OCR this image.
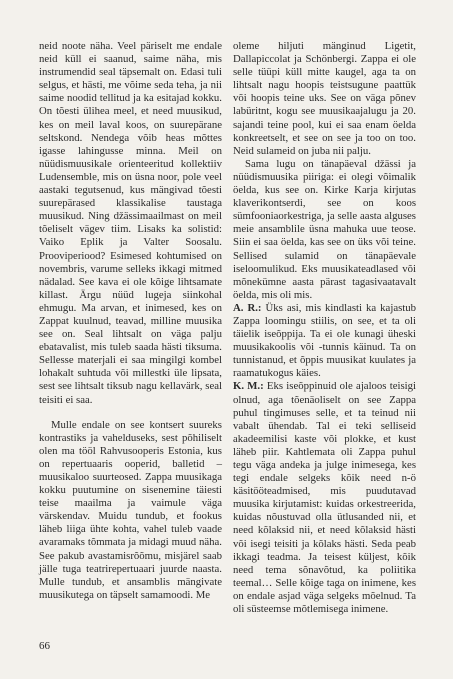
neid noote näha. Veel päriselt me endale neid küll ei saanud, saime näha, mis instrumendid seal täpsemalt on. Edasi tuli selgus, et hästi, me võime seda teha, ja nii saime noodid tellitud ja ka esitajad kokku. On tõesti ülihea meel, et need muusikud, kes on meil laval koos, on suurepärane seltskond. Nendega võib heas mõttes igasse lahingusse minna. Meil on nüüdismuusikale orienteeritud kollektiiv Ludensemble, mis on üsna noor, pole veel aastaki tegutsenud, kus mängivad tõesti suurepärased klassikalise taustaga muusikud. Ning džässimaailmast on meil tõeliselt vägev tiim. Lisaks ka solistid: Vaiko Eplik ja Valter Soosalu. Prooviperiood? Esimesed kohtumised on novembris, varume selleks ikkagi mitmed nädalad. See kava ei ole kõige lihtsamate killast. Ärgu nüüd lugeja siinkohal ehmugu. Ma arvan, et inimesed, kes on Zappat kuulnud, teavad, milline muusika see on. Seal lihtsalt on väga palju ebatavalist, mis tuleb saada hästi tiksuma. Sellesse materjali ei saa mingilgi kombel lohakalt suhtuda või millestki üle lipsata, sest see lihtsalt tiksub nagu kellavärk, seal teisiti ei saa.

Mulle endale on see kontsert suureks kontrastiks ja vahelduseks, sest põhiliselt olen ma tööl Rahvusooperis Estonia, kus on repertuaaris ooperid, balletid – muusikaloo suurteosed. Zappa muusikaga kokku puutumine on sisenemine täiesti teise maailma ja vaimule väga värskendav. Muidu tundub, et fookus läheb liiga ühte kohta, vahel tuleb vaade avaramaks tõmmata ja midagi muud näha. See pakub avastamisrõõmu, misjärel saab jälle tuga teatrirepertuaari juurde naasta. Mulle tundub, et ansamblis mängivate muusikutega on täpselt samamoodi. Me

oleme hiljuti mänginud Ligetit, Dallapiccolat ja Schönbergi. Zappa ei ole selle tüüpi küll mitte kaugel, aga ta on lihtsalt nagu hoopis teistsugune paattük või hoopis teine uks. See on väga põnev labüritnt, kogu see muusikaajalugu ja 20. sajandi teine pool, kui ei saa enam öelda konkreetselt, et see on see ja too on too. Neid sulameid on juba nii palju.

Sama lugu on tänapäeval džässi ja nüüdismuusika piiriga: ei olegi võimalik öelda, kus see on. Kirke Karja kirjutas klaverikontserdi, see on koos sümfooniaorkestriga, ja selle aasta alguses meie ansamblile üsna mahuka uue teose. Siin ei saa öelda, kas see on üks või teine. Sellised sulamid on tänapäevale iseloomulikud. Eks muusikateadlased või mõnekümne aasta pärast tagasivaatavalt öelda, mis oli mis.

A. R.: Üks asi, mis kindlasti ka kajastub Zappa loomingu stiilis, on see, et ta oli täielik iseõppija. Ta ei ole kunagi üheski muusikakoolis või -tunnis käinud. Ta on tunnistanud, et õppis muusikat kuulates ja raamatukogus käies.

K. M.: Eks iseõppinuid ole ajaloos teisigi olnud, aga tõenäoliselt on see Zappa puhul tingimuses selle, et ta teinud nii vabalt ühendab. Tal ei teki selliseid akadeemilisi kaste või plokke, et kust läheb piir. Kahtlemata oli Zappa puhul tegu väga andeka ja julge inimesega, kes tegi endale selgeks kõik need n-ö käsitööteadmised, mis puudutavad muusika kirjutamist: kuidas orkestreerida, kuidas nõustuvad olla ütlusanded nii, et need kõlaksid nii, et need kõlaksid hästi või isegi teisiti ja kõlaks hästi. Seda peab ikkagi teadma. Ja teisest küljest, kõik need tema sõnavõtud, ka poliitika teemal… Selle kõige taga on inimene, kes on endale asjad väga selgeks mõelnud. Ta oli süsteemse mõtlemisega inimene.

66
